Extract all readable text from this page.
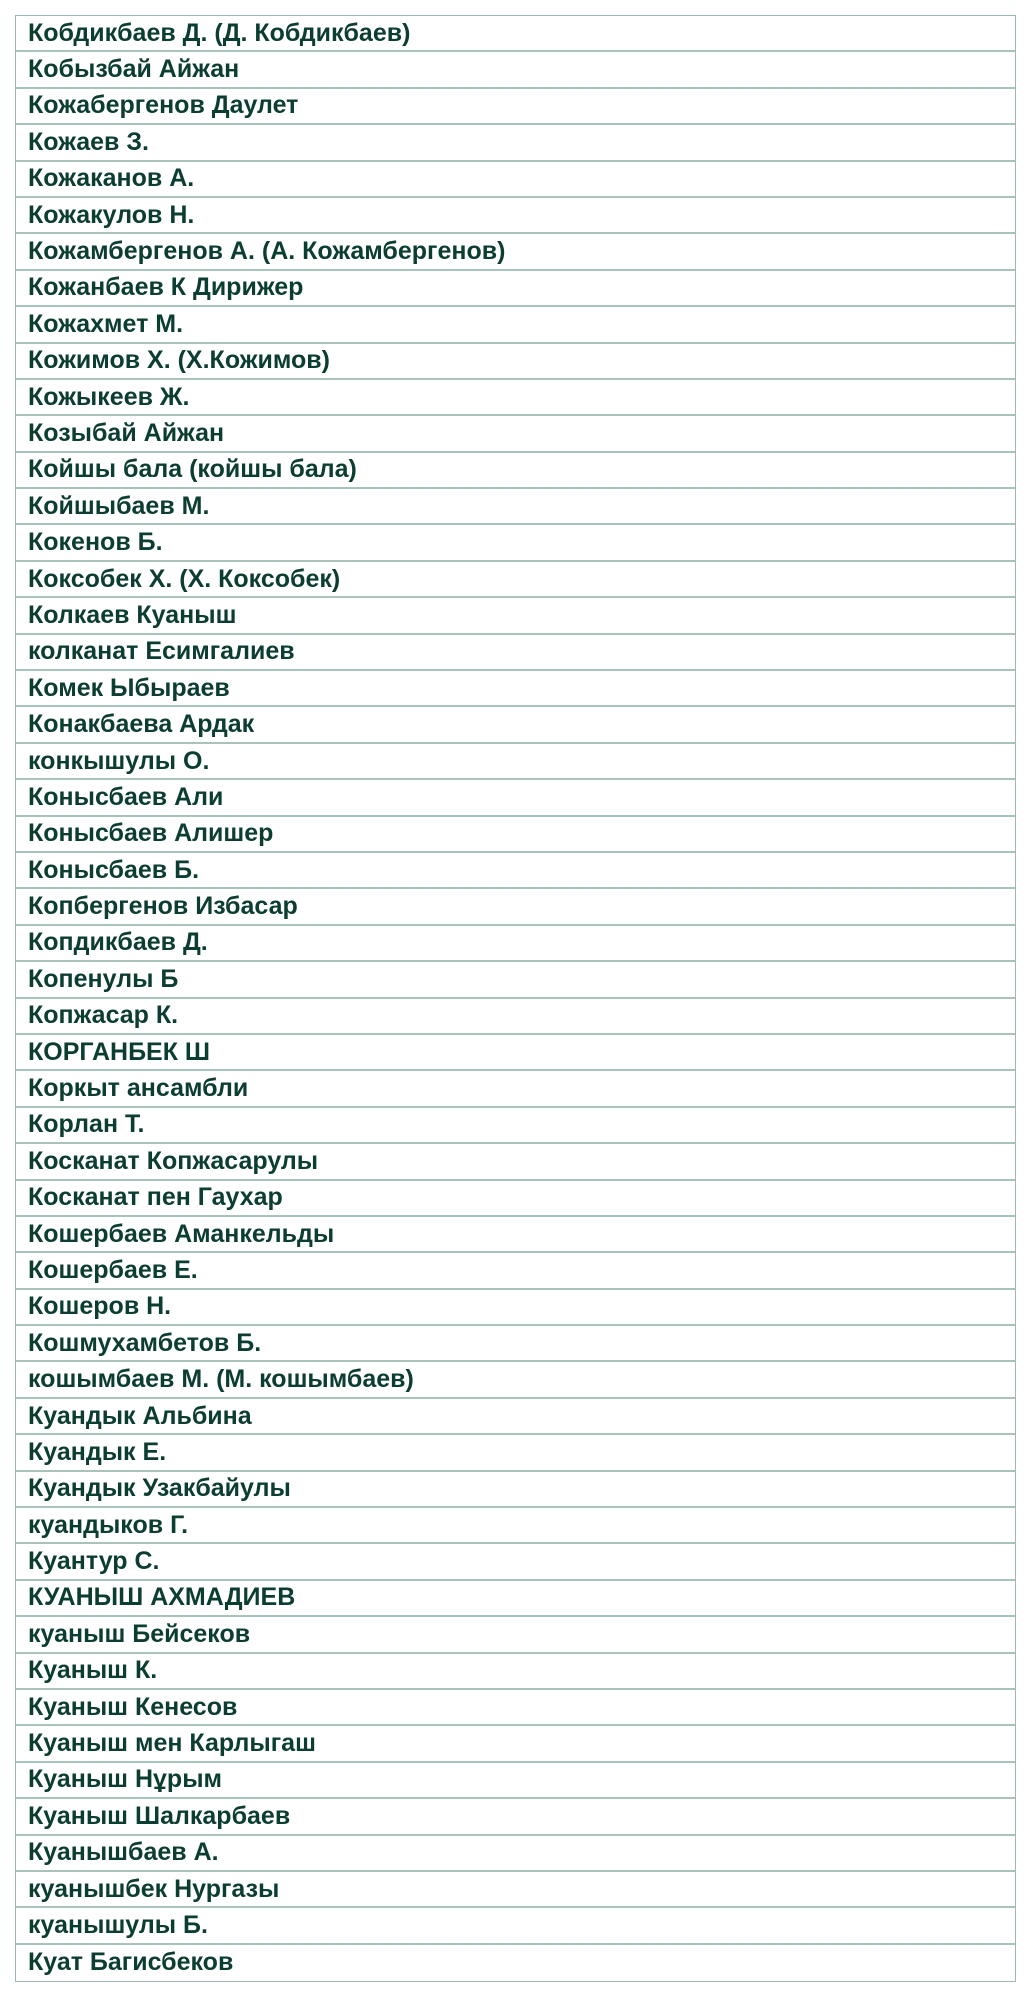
Кобдикбаев Д. (Д. Кобдикбаев)
Кобызбай Айжан
Кожабергенов Даулет
Кожаев З.
Кожаканов А.
Кожакулов Н.
Кожамбергенов А. (А. Кожамбергенов)
Кожанбаев К Дирижер
Кожахмет М.
Кожимов Х. (Х.Кожимов)
Кожыкеев Ж.
Козыбай Айжан
Койшы бала (койшы бала)
Койшыбаев М.
Кокенов Б.
Коксобек Х. (Х. Коксобек)
Колкаев Куаныш
колканат Есимгалиев
Комек Ыбыраев
Конакбаева Ардак
конкышулы О.
Конысбаев Али
Конысбаев Алишер
Конысбаев Б.
Копбергенов Избасар
Копдикбаев Д.
Копенулы Б
Копжасар К.
КОРГАНБЕК Ш
Коркыт ансамбли
Корлан Т.
Косканат Копжасарулы
Косканат пен Гаухар
Кошербаев Аманкельды
Кошербаев Е.
Кошеров Н.
Кошмухамбетов Б.
кошымбаев М. (М. кошымбаев)
Куандык Альбина
Куандык Е.
Куандык Узакбайулы
куандыков Г.
Куантур С.
КУАНЫШ АХМАДИЕВ
куаныш Бейсеков
Куаныш К.
Куаныш Кенесов
Куаныш мен Карлыгаш
Куаныш Нұрым
Куаныш Шалкарбаев
Куанышбаев А.
куанышбек Нургазы
куанышулы Б.
Куат Багисбеков
